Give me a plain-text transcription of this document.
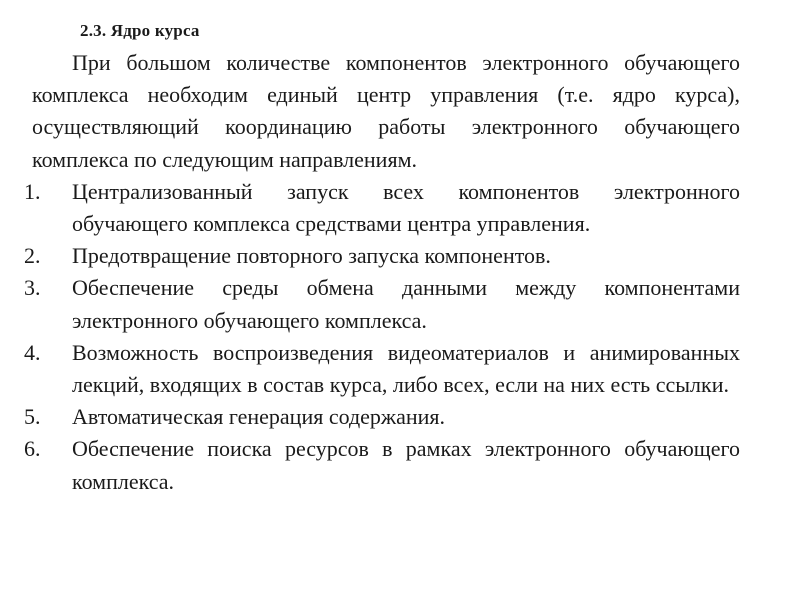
2.3. Ядро курса

При большом количестве компонентов электронного обучающего комплекса необходим единый центр управления (т.е. ядро курса), осуществляющий координацию работы электронного обучающего комплекса по следующим направлениям.

1.	Централизованный запуск всех компонентов электронного обучающего комплекса средствами центра управления.
2.	Предотвращение повторного запуска компонентов.
3.	Обеспечение среды обмена данными между компонентами электронного обучающего комплекса.
4.	Возможность воспроизведения видеоматериалов и анимированных лекций, входящих в состав курса, либо всех, если на них есть ссылки.
5.	Автоматическая генерация содержания.
6.	Обеспечение поиска ресурсов в рамках электронного обучающего комплекса.
